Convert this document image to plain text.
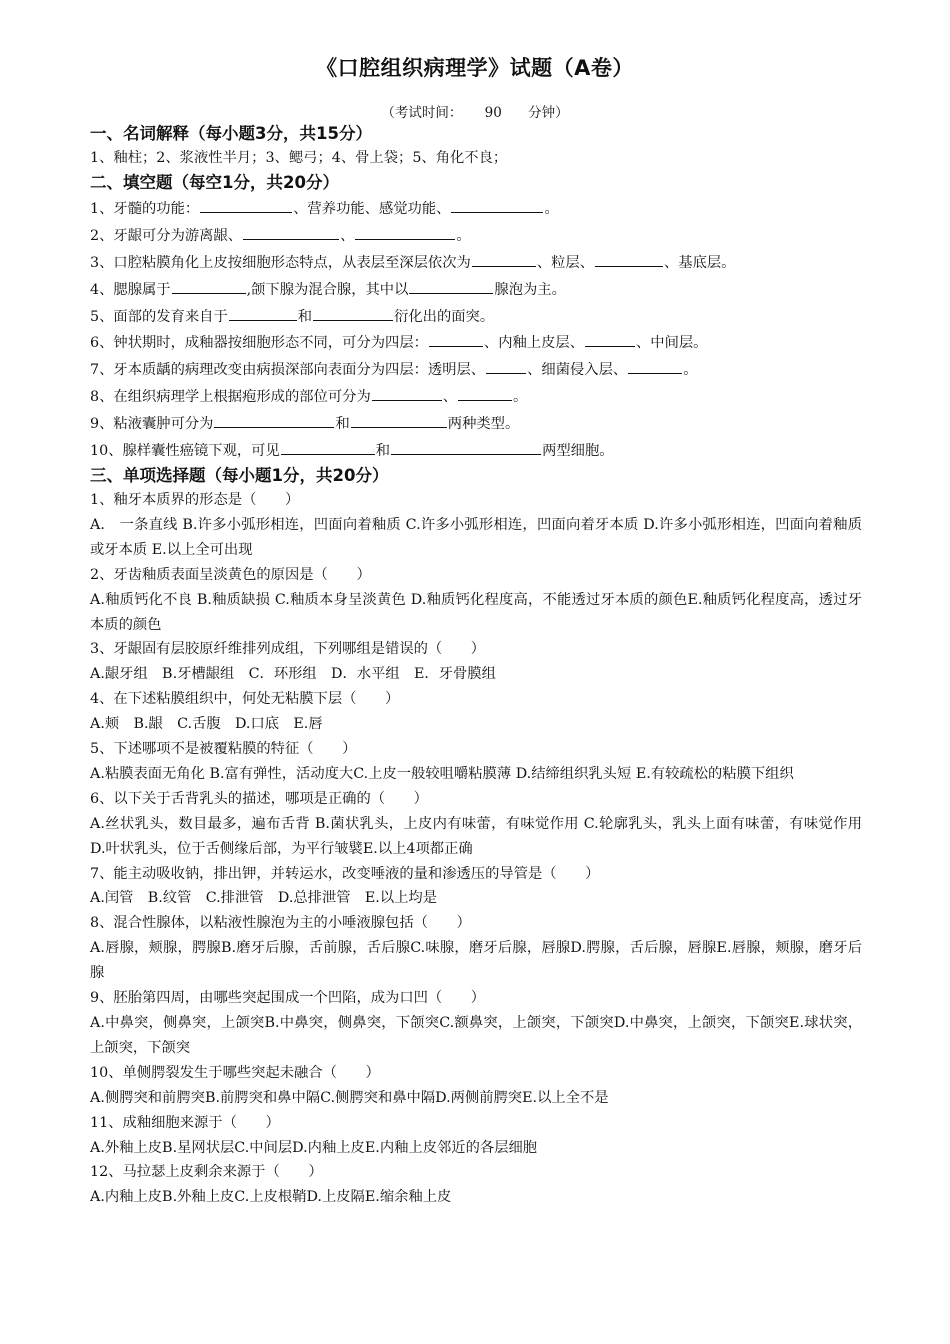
《口腔组织病理学》试题（A卷）
（考试时间： 90 分钟）
一、名词解释（每小题3分，共15分）
1、釉柱；2、浆液性半月；3、鳃弓；4、骨上袋；5、角化不良；
二、填空题（每空1分，共20分）
1、牙髓的功能：	、营养功能、感觉功能、	。
2、牙龈可分为游离龈、	、	。
3、口腔粘膜角化上皮按细胞形态特点，从表层至深层依次为	、粒层、	、基底层。
4、腮腺属于	,颌下腺为混合腺，其中以	腺泡为主。
5、面部的发育来自于	和	衍化出的面突。
6、钟状期时，成釉器按细胞形态不同，可分为四层：	、内釉上皮层、	、中间层。
7、牙本质龋的病理改变由病损深部向表面分为四层：透明层、	、细菌侵入层、	。
8、在组织病理学上根据疱形成的部位可分为	、	。
9、粘液囊肿可分为	和	两种类型。
10、腺样囊性癌镜下观，可见	和	两型细胞。
三、单项选择题（每小题1分，共20分）
1、釉牙本质界的形态是（　　）
A.　一条直线 B.许多小弧形相连，凹面向着釉质 C.许多小弧形相连，凹面向着牙本质 D.许多小弧形相连，凹面向着釉质或牙本质 E.以上全可出现
2、牙齿釉质表面呈淡黄色的原因是（　　）
A.釉质钙化不良 B.釉质缺损 C.釉质本身呈淡黄色 D.釉质钙化程度高，不能透过牙本质的颜色E.釉质钙化程度高，透过牙本质的颜色
3、牙龈固有层胶原纤维排列成组，下列哪组是错误的（　　）
A.龈牙组　B.牙槽龈组　C．环形组　D．水平组　E．牙骨膜组
4、在下述粘膜组织中，何处无粘膜下层（　　）
A.颊　B.龈　C.舌腹　D.口底　E.唇
5、下述哪项不是被覆粘膜的特征（　　）
A.粘膜表面无角化 B.富有弹性，活动度大C.上皮一般较咀嚼粘膜薄 D.结缔组织乳头短 E.有较疏松的粘膜下组织
6、以下关于舌背乳头的描述，哪项是正确的（　　）
A.丝状乳头，数目最多，遍布舌背 B.菌状乳头，上皮内有味蕾，有味觉作用 C.轮廓乳头，乳头上面有味蕾，有味觉作用 D.叶状乳头，位于舌侧缘后部，为平行皱襞E.以上4项都正确
7、能主动吸收钠，排出钾，并转运水，改变唾液的量和渗透压的导管是（　　）
A.闰管　B.纹管　C.排泄管　D.总排泄管　E.以上均是
8、混合性腺体，以粘液性腺泡为主的小唾液腺包括（　　）
A.唇腺，颊腺，腭腺B.磨牙后腺，舌前腺，舌后腺C.味腺，磨牙后腺，唇腺D.腭腺，舌后腺，唇腺E.唇腺，颊腺，磨牙后腺
9、胚胎第四周，由哪些突起围成一个凹陷，成为口凹（　　）
A.中鼻突，侧鼻突，上颌突B.中鼻突，侧鼻突，下颌突C.额鼻突，上颌突，下颌突D.中鼻突，上颌突，下颌突E.球状突，上颌突，下颌突
10、单侧腭裂发生于哪些突起未融合（　　）
A.侧腭突和前腭突B.前腭突和鼻中隔C.侧腭突和鼻中隔D.两侧前腭突E.以上全不是
11、成釉细胞来源于（　　）
A.外釉上皮B.星网状层C.中间层D.内釉上皮E.内釉上皮邻近的各层细胞
12、马拉瑟上皮剩余来源于（　　）
A.内釉上皮B.外釉上皮C.上皮根鞘D.上皮隔E.缩余釉上皮
